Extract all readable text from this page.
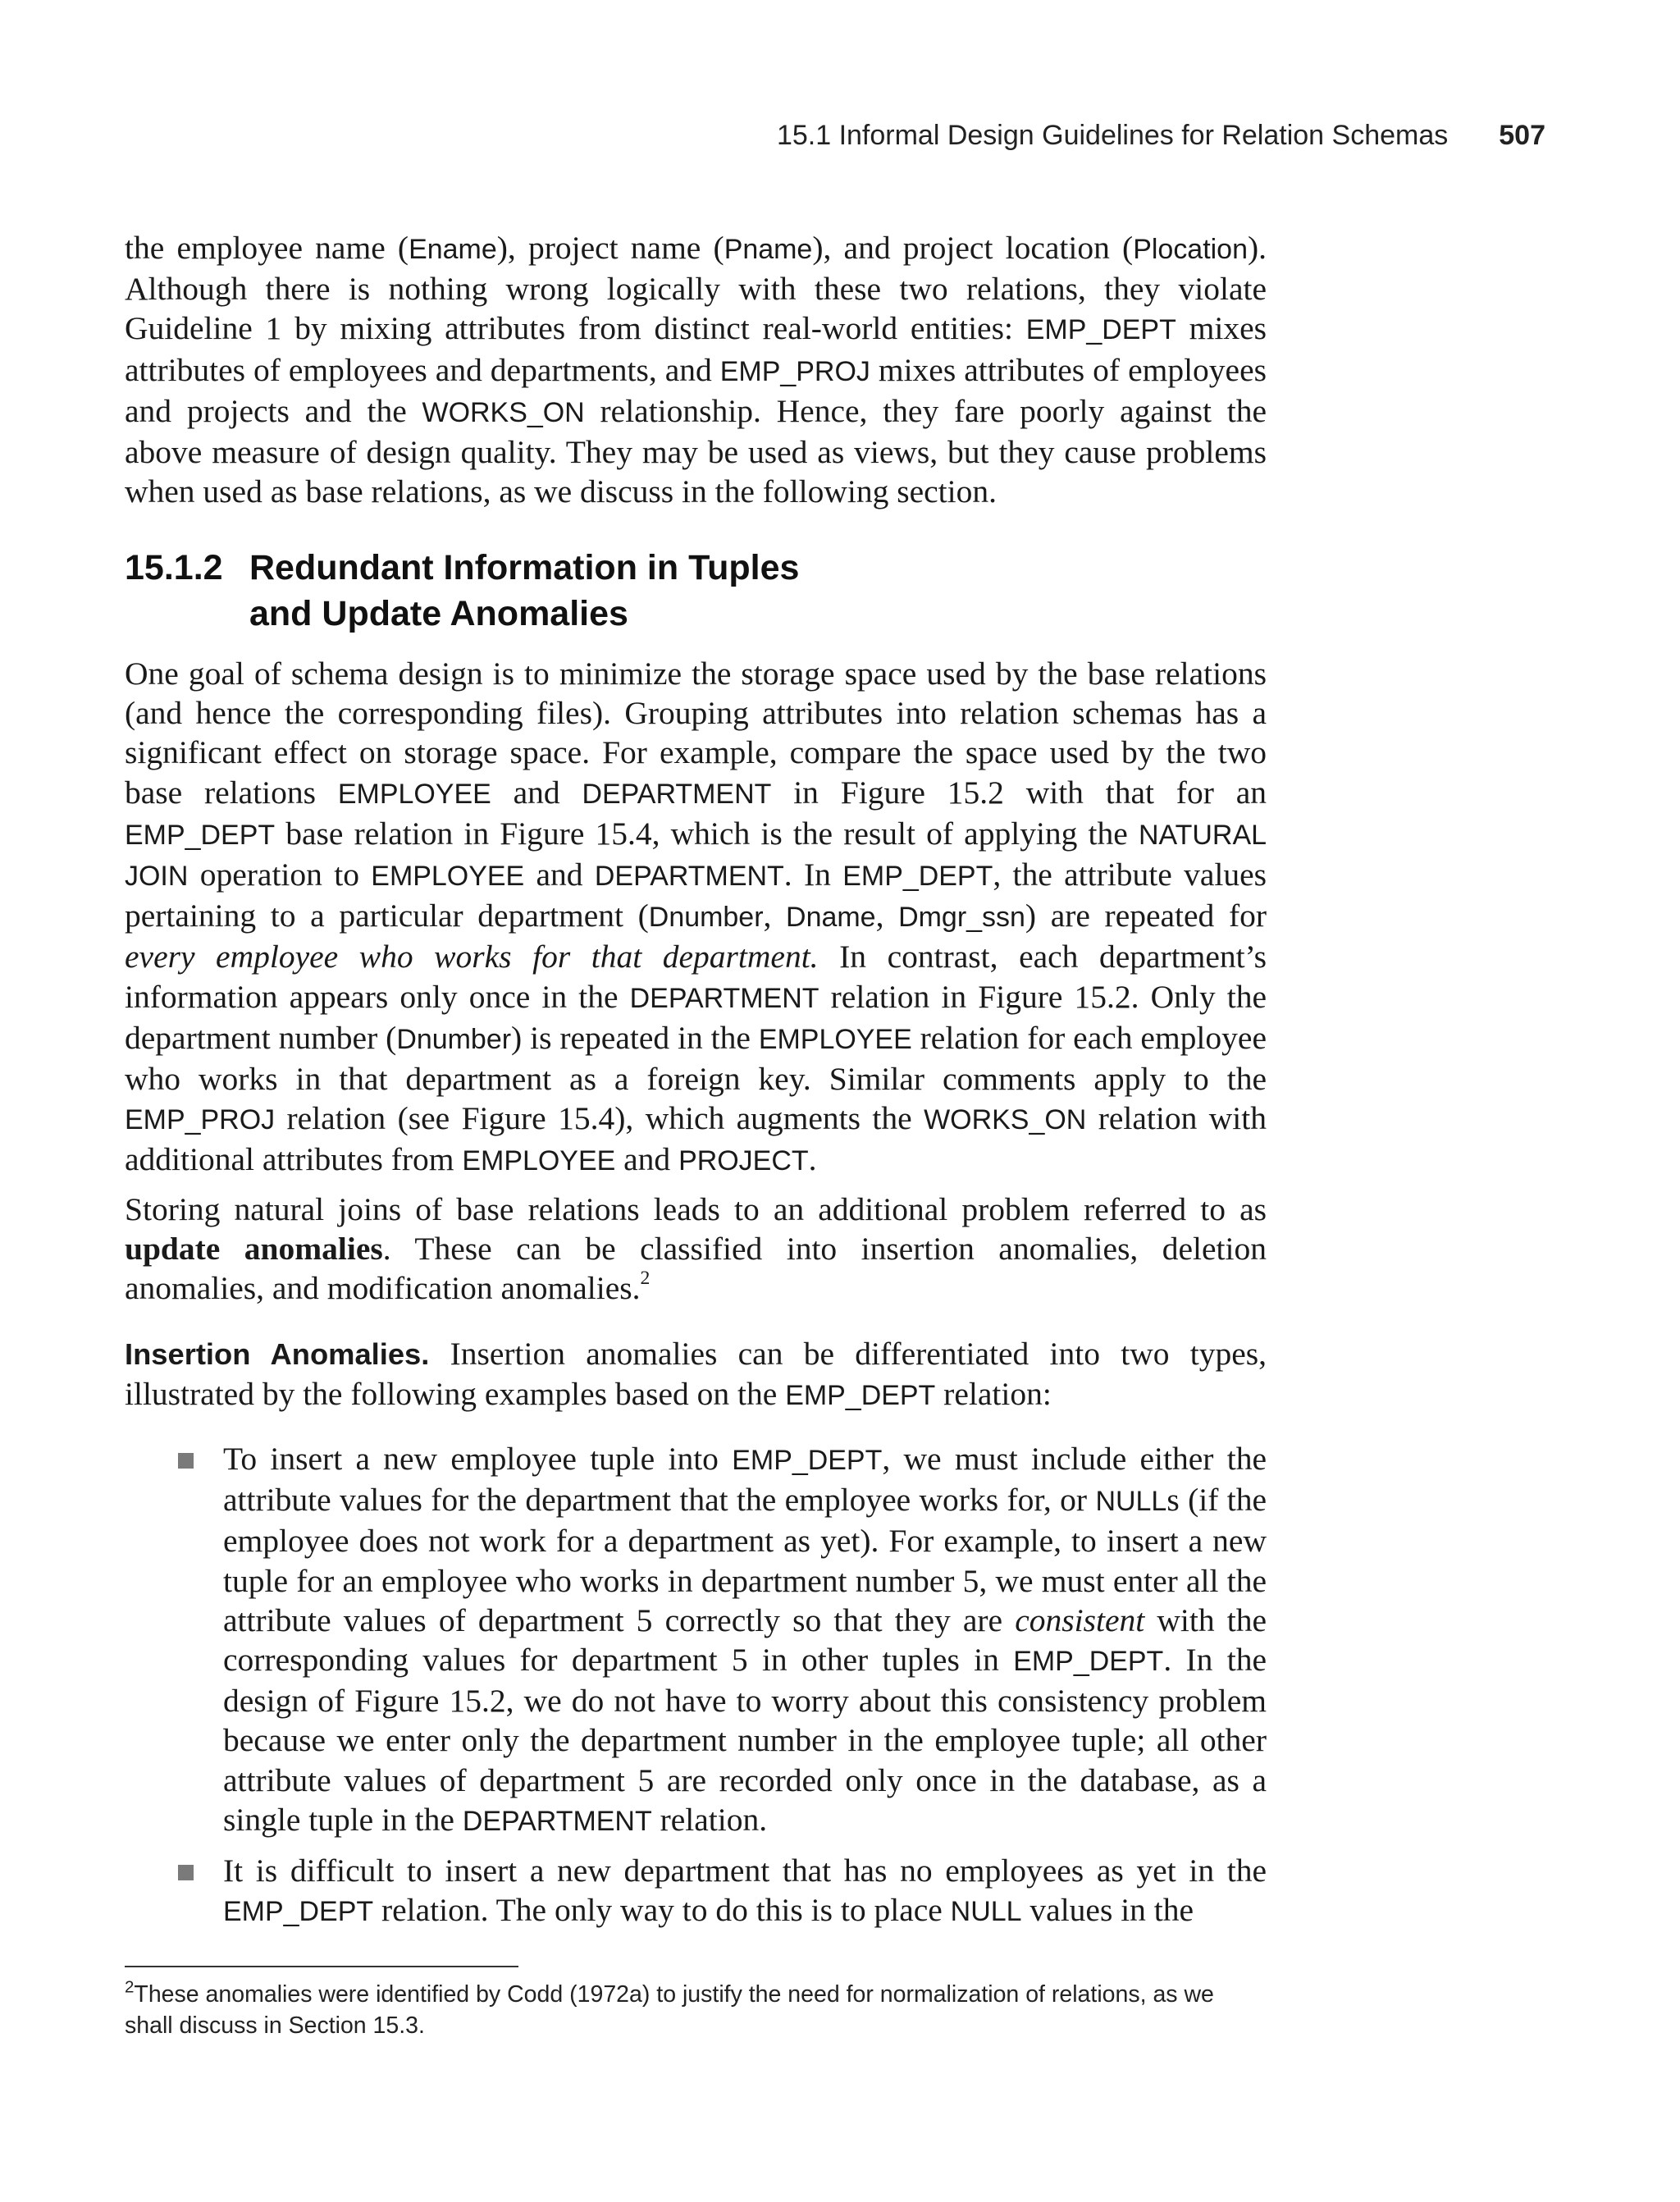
15.1 Informal Design Guidelines for Relation Schemas 507

the employee name (Ename), project name (Pname), and project location (Plocation). Although there is nothing wrong logically with these two relations, they violate Guideline 1 by mixing attributes from distinct real-world entities: EMP_DEPT mixes attributes of employees and departments, and EMP_PROJ mixes attributes of employees and projects and the WORKS_ON relationship. Hence, they fare poorly against the above measure of design quality. They may be used as views, but they cause problems when used as base relations, as we discuss in the following section.

15.1.2 Redundant Information in Tuples
and Update Anomalies

One goal of schema design is to minimize the storage space used by the base relations (and hence the corresponding files). Grouping attributes into relation schemas has a significant effect on storage space. For example, compare the space used by the two base relations EMPLOYEE and DEPARTMENT in Figure 15.2 with that for an EMP_DEPT base relation in Figure 15.4, which is the result of applying the NATURAL JOIN operation to EMPLOYEE and DEPARTMENT. In EMP_DEPT, the attribute values pertaining to a particular department (Dnumber, Dname, Dmgr_ssn) are repeated for every employee who works for that department. In contrast, each department’s information appears only once in the DEPARTMENT relation in Figure 15.2. Only the department number (Dnumber) is repeated in the EMPLOYEE relation for each employee who works in that department as a foreign key. Similar comments apply to the EMP_PROJ relation (see Figure 15.4), which augments the WORKS_ON relation with additional attributes from EMPLOYEE and PROJECT.

Storing natural joins of base relations leads to an additional problem referred to as update anomalies. These can be classified into insertion anomalies, deletion anomalies, and modification anomalies.$^2$

Insertion Anomalies. Insertion anomalies can be differentiated into two types, illustrated by the following examples based on the EMP_DEPT relation:

To insert a new employee tuple into EMP_DEPT, we must include either the attribute values for the department that the employee works for, or NULLs (if the employee does not work for a department as yet). For example, to insert a new tuple for an employee who works in department number 5, we must enter all the attribute values of department 5 correctly so that they are consistent with the corresponding values for department 5 in other tuples in EMP_DEPT. In the design of Figure 15.2, we do not have to worry about this consistency problem because we enter only the department number in the employee tuple; all other attribute values of department 5 are recorded only once in the database, as a single tuple in the DEPARTMENT relation.
It is difficult to insert a new department that has no employees as yet in the EMP_DEPT relation. The only way to do this is to place NULL values in the
$^2$These anomalies were identified by Codd (1972a) to justify the need for normalization of relations, as we shall discuss in Section 15.3.
